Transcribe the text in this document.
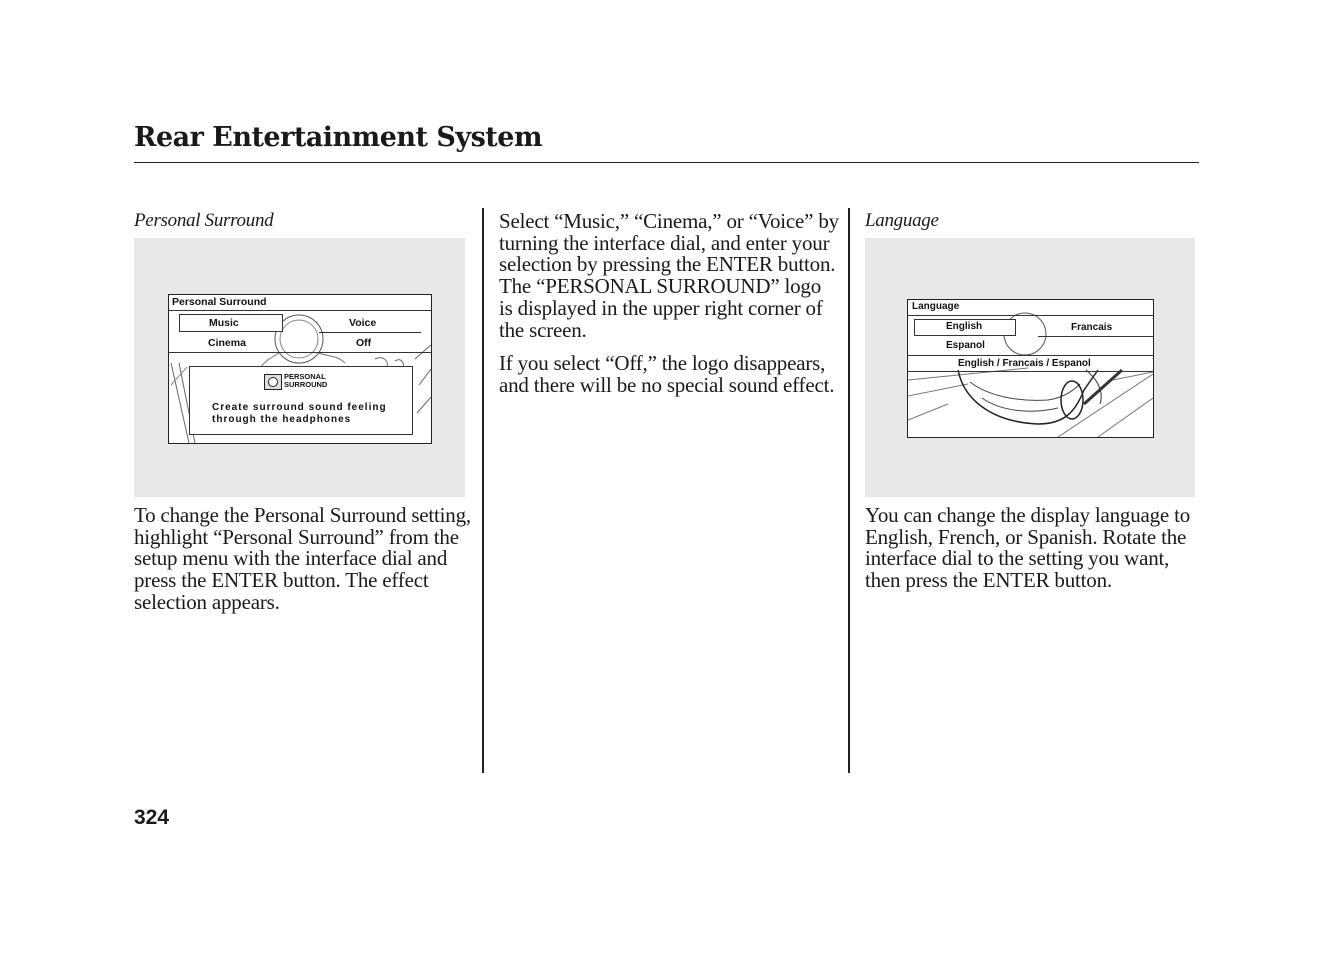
Rear Entertainment System
Personal Surround
Personal Surround
Music	Voice
Cinema	Off
PERSONAL
SURROUND
Create surround sound feeling
through the headphones
To change the Personal Surround setting, highlight “Personal Surround” from the setup menu with the interface dial and press the ENTER button. The effect selection appears.

Select “Music,” “Cinema,” or “Voice” by turning the interface dial, and enter your selection by pressing the ENTER button. The “PERSONAL SURROUND” logo is displayed in the upper right corner of the screen.

If you select “Off,” the logo disappears, and there will be no special sound effect.

Language
Language
English	Francais
Espanol
English / Francais / Espanol
You can change the display language to English, French, or Spanish. Rotate the interface dial to the setting you want, then press the ENTER button.
324
